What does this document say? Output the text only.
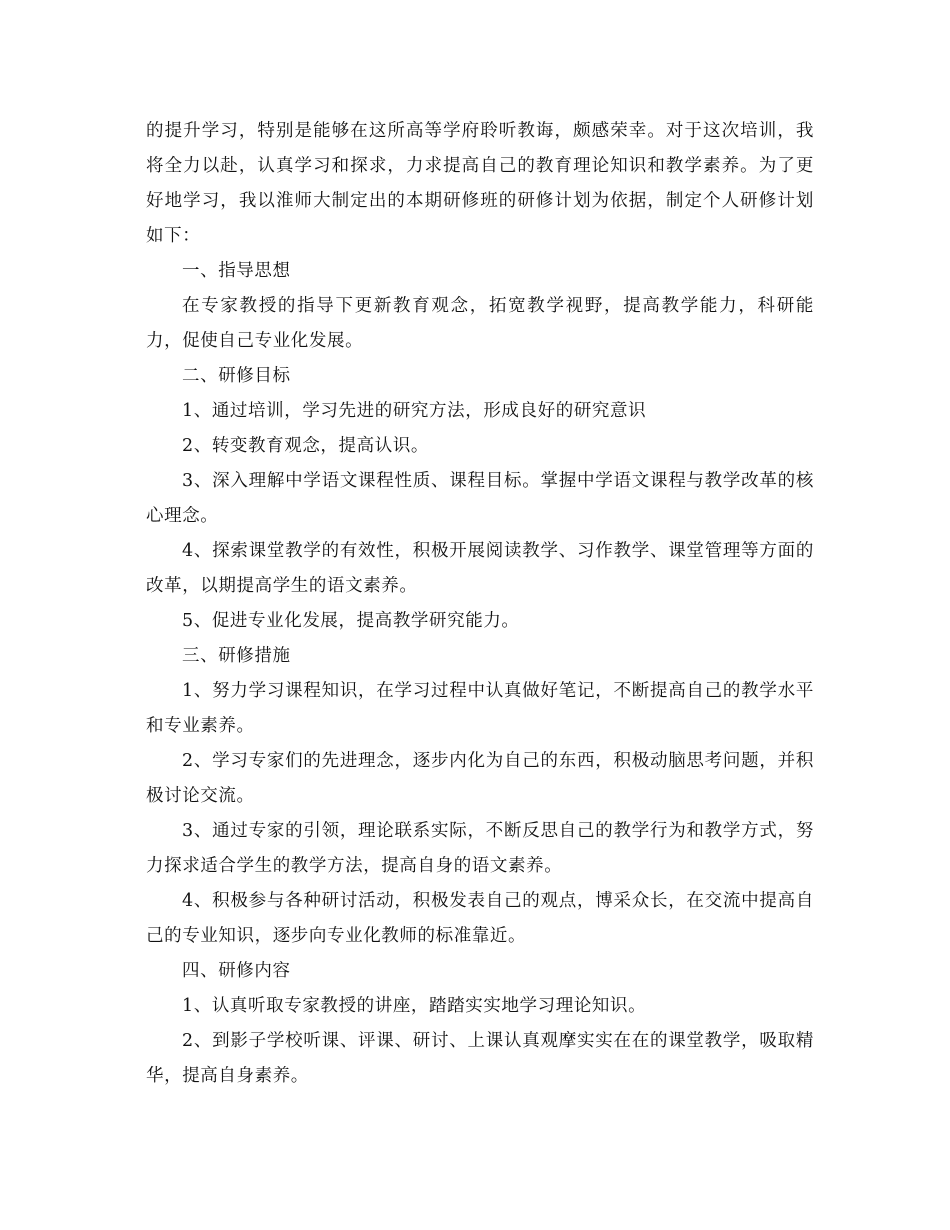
的提升学习，特别是能够在这所高等学府聆听教诲，颇感荣幸。对于这次培训，我将全力以赴，认真学习和探求，力求提高自己的教育理论知识和教学素养。为了更好地学习，我以淮师大制定出的本期研修班的研修计划为依据，制定个人研修计划如下：

一、指导思想

在专家教授的指导下更新教育观念，拓宽教学视野，提高教学能力，科研能力，促使自己专业化发展。

二、研修目标

1、通过培训，学习先进的研究方法，形成良好的研究意识

2、转变教育观念，提高认识。

3、深入理解中学语文课程性质、课程目标。掌握中学语文课程与教学改革的核心理念。

4、探索课堂教学的有效性，积极开展阅读教学、习作教学、课堂管理等方面的改革，以期提高学生的语文素养。

5、促进专业化发展，提高教学研究能力。

三、研修措施

1、努力学习课程知识，在学习过程中认真做好笔记，不断提高自己的教学水平和专业素养。

2、学习专家们的先进理念，逐步内化为自己的东西，积极动脑思考问题，并积极讨论交流。

3、通过专家的引领，理论联系实际，不断反思自己的教学行为和教学方式，努力探求适合学生的教学方法，提高自身的语文素养。

4、积极参与各种研讨活动，积极发表自己的观点，博采众长，在交流中提高自己的专业知识，逐步向专业化教师的标准靠近。

四、研修内容

1、认真听取专家教授的讲座，踏踏实实地学习理论知识。

2、到影子学校听课、评课、研讨、上课认真观摩实实在在的课堂教学，吸取精华，提高自身素养。
